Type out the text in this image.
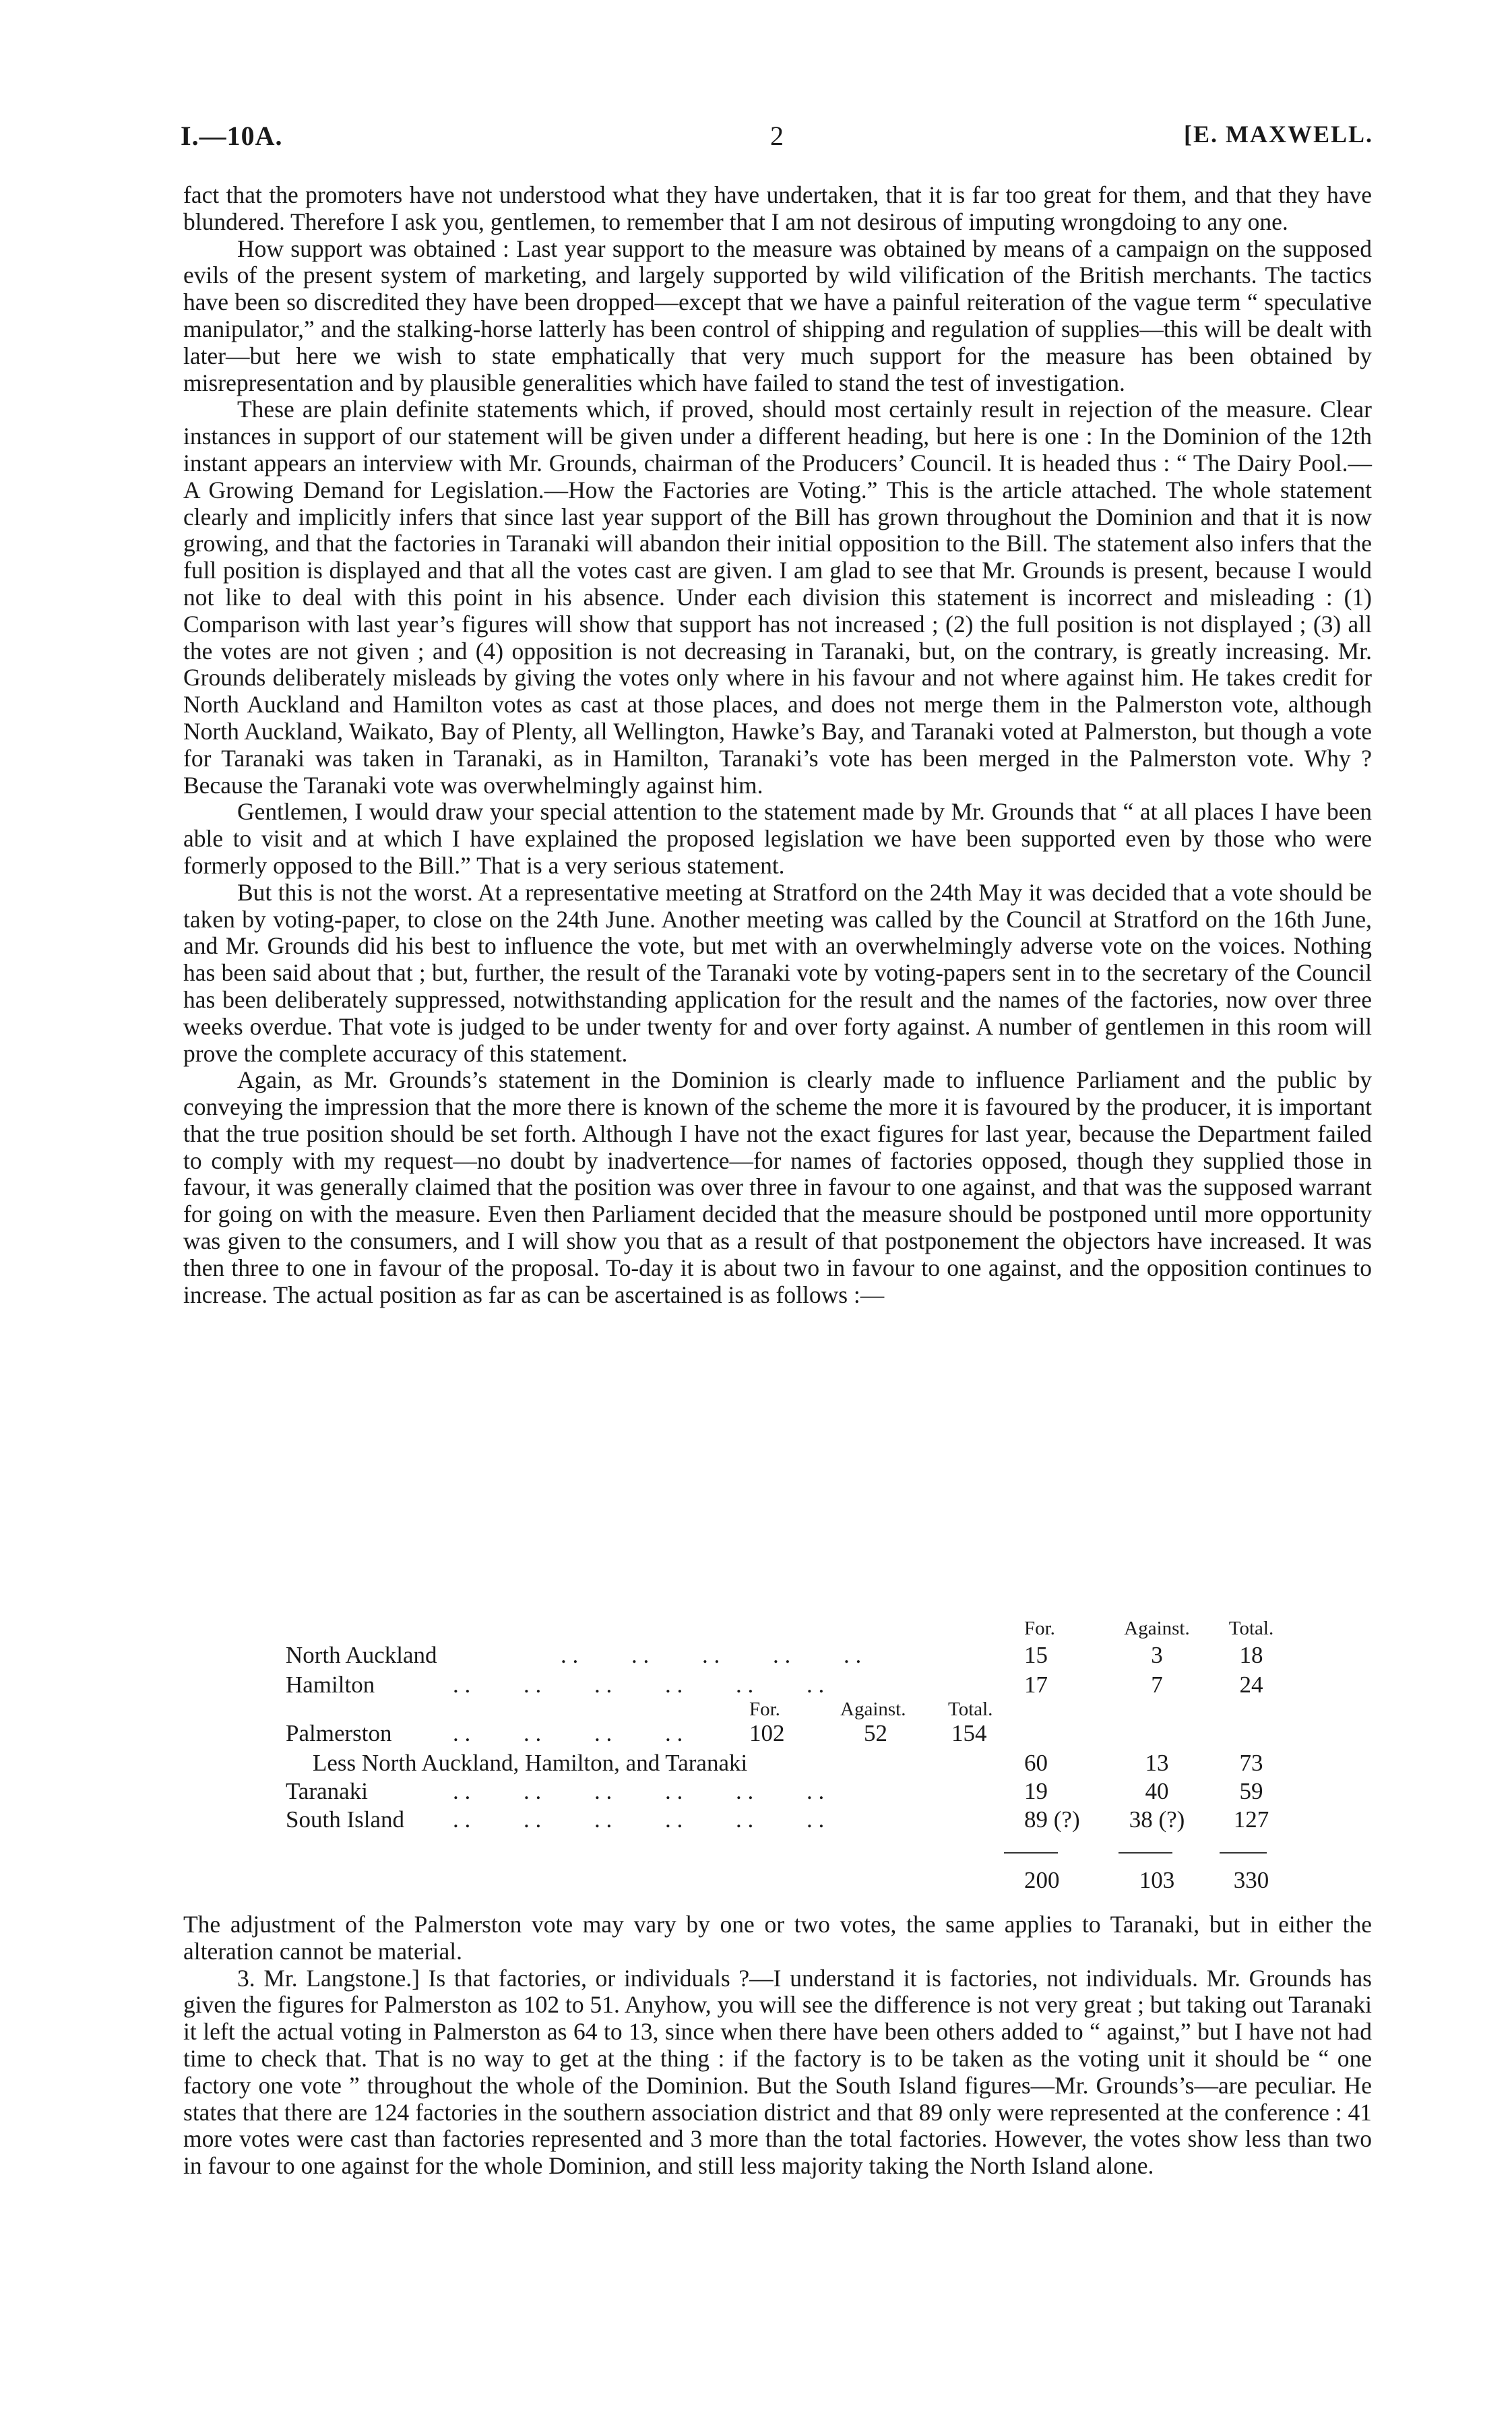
I.—10A.	2	[E. MAXWELL.

fact that the promoters have not understood what they have undertaken, that it is far too great for them, and that they have blundered. Therefore I ask you, gentlemen, to remember that I am not desirous of imputing wrongdoing to any one.

How support was obtained : Last year support to the measure was obtained by means of a campaign on the supposed evils of the present system of marketing, and largely supported by wild vilification of the British merchants. The tactics have been so discredited they have been dropped—except that we have a painful reiteration of the vague term “ speculative manipulator,” and the stalking-horse latterly has been control of shipping and regulation of supplies—this will be dealt with later—but here we wish to state emphatically that very much support for the measure has been obtained by misrepresentation and by plausible generalities which have failed to stand the test of investigation.

These are plain definite statements which, if proved, should most certainly result in rejection of the measure. Clear instances in support of our statement will be given under a different heading, but here is one : In the Dominion of the 12th instant appears an interview with Mr. Grounds, chairman of the Producers’ Council. It is headed thus : “ The Dairy Pool.—A Growing Demand for Legislation.—How the Factories are Voting.” This is the article attached. The whole statement clearly and implicitly infers that since last year support of the Bill has grown throughout the Dominion and that it is now growing, and that the factories in Taranaki will abandon their initial opposition to the Bill. The statement also infers that the full position is displayed and that all the votes cast are given. I am glad to see that Mr. Grounds is present, because I would not like to deal with this point in his absence. Under each division this statement is incorrect and misleading : (1) Comparison with last year’s figures will show that support has not increased ; (2) the full position is not displayed ; (3) all the votes are not given ; and (4) opposition is not decreasing in Taranaki, but, on the contrary, is greatly increasing. Mr. Grounds deliberately misleads by giving the votes only where in his favour and not where against him. He takes credit for North Auckland and Hamilton votes as cast at those places, and does not merge them in the Palmerston vote, although North Auckland, Waikato, Bay of Plenty, all Wellington, Hawke’s Bay, and Taranaki voted at Palmerston, but though a vote for Taranaki was taken in Taranaki, as in Hamilton, Taranaki’s vote has been merged in the Palmerston vote. Why ? Because the Taranaki vote was overwhelmingly against him.

Gentlemen, I would draw your special attention to the statement made by Mr. Grounds that “ at all places I have been able to visit and at which I have explained the proposed legislation we have been supported even by those who were formerly opposed to the Bill.” That is a very serious statement.

But this is not the worst. At a representative meeting at Stratford on the 24th May it was decided that a vote should be taken by voting-paper, to close on the 24th June. Another meeting was called by the Council at Stratford on the 16th June, and Mr. Grounds did his best to influence the vote, but met with an overwhelmingly adverse vote on the voices. Nothing has been said about that ; but, further, the result of the Taranaki vote by voting-papers sent in to the secretary of the Council has been deliberately suppressed, notwithstanding application for the result and the names of the factories, now over three weeks overdue. That vote is judged to be under twenty for and over forty against. A number of gentlemen in this room will prove the complete accuracy of this statement.

Again, as Mr. Grounds’s statement in the Dominion is clearly made to influence Parliament and the public by conveying the impression that the more there is known of the scheme the more it is favoured by the producer, it is important that the true position should be set forth. Although I have not the exact figures for last year, because the Department failed to comply with my request—no doubt by inadvertence—for names of factories opposed, though they supplied those in favour, it was generally claimed that the position was over three in favour to one against, and that was the supposed warrant for going on with the measure. Even then Parliament decided that the measure should be postponed until more opportunity was given to the consumers, and I will show you that as a result of that postponement the objectors have increased. It was then three to one in favour of the proposal. To-day it is about two in favour to one against, and the opposition continues to increase. The actual position as far as can be ascertained is as follows :—

For.	Against.	Total.
North Auckland	. .         . .         . .         . .         . .	15	3	18
Hamilton	. .         . .         . .         . .         . .         . .	17	7	24
For.	Against. Total.
Palmerston	. .         . .         . .         . .	102	52	154
Less North Auckland, Hamilton, and Taranaki	60	13	73
Taranaki	. .         . .         . .         . .         . .         . .	19	40	59
South Island . .         . .         . .         . .         . .         . .	89 (?)	38 (?)	127
200	103	330

The adjustment of the Palmerston vote may vary by one or two votes, the same applies to Taranaki, but in either the alteration cannot be material.

3. Mr. Langstone.] Is that factories, or individuals ?—I understand it is factories, not individuals. Mr. Grounds has given the figures for Palmerston as 102 to 51. Anyhow, you will see the difference is not very great ; but taking out Taranaki it left the actual voting in Palmerston as 64 to 13, since when there have been others added to “ against,” but I have not had time to check that. That is no way to get at the thing : if the factory is to be taken as the voting unit it should be “ one factory one vote ” throughout the whole of the Dominion. But the South Island figures—Mr. Grounds’s—are peculiar. He states that there are 124 factories in the southern association district and that 89 only were represented at the conference : 41 more votes were cast than factories represented and 3 more than the total factories. However, the votes show less than two in favour to one against for the whole Dominion, and still less majority taking the North Island alone.
